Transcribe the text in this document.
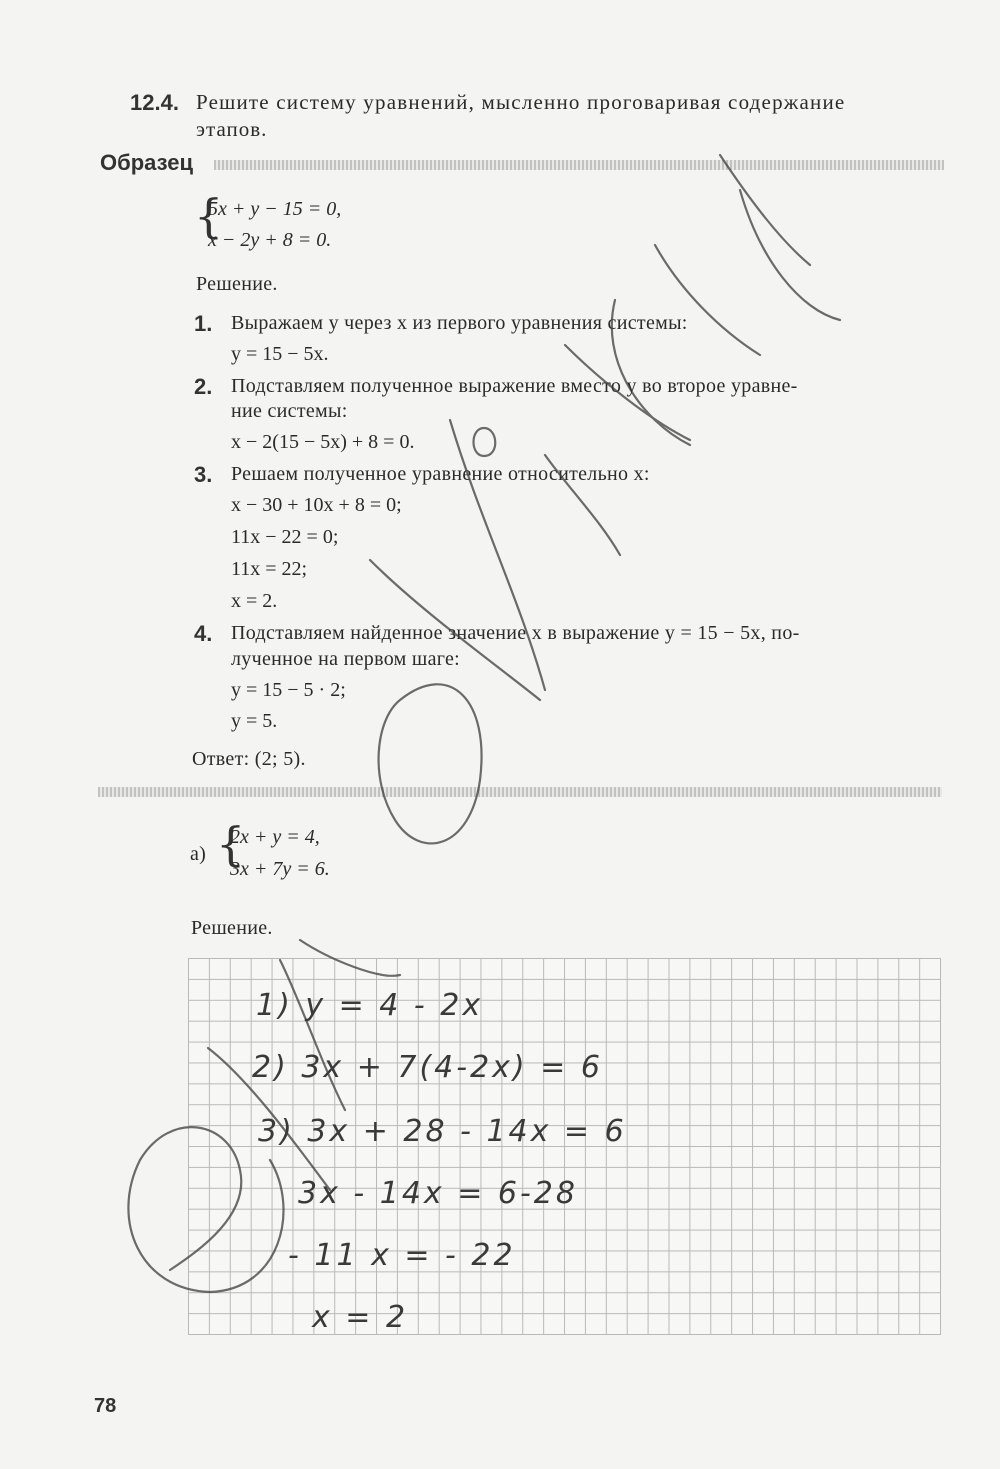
12.4. Решите систему уравнений, мысленно проговаривая содержание
этапов.
Образец
{
5x + y − 15 = 0,
x − 2y + 8 = 0.
Решение.
1. Выражаем y через x из первого уравнения системы:
y = 15 − 5x.
2. Подставляем полученное выражение вместо y во второе уравне-
ние системы:
x − 2(15 − 5x) + 8 = 0.
3. Решаем полученное уравнение относительно x:
x − 30 + 10x + 8 = 0;
11x − 22 = 0;
11x = 22;
x = 2.
4. Подставляем найденное значение x в выражение y = 15 − 5x, по-
лученное на первом шаге:
y = 15 − 5 · 2;
y = 5.
Ответ: (2; 5).
а) {
2x + y = 4,
3x + 7y = 6.
Решение.
1) y = 4 - 2x
2) 3x + 7(4-2x) = 6
3) 3x + 28 - 14x = 6
3x - 14x = 6-28
- 11 x = - 22
x = 2
78
